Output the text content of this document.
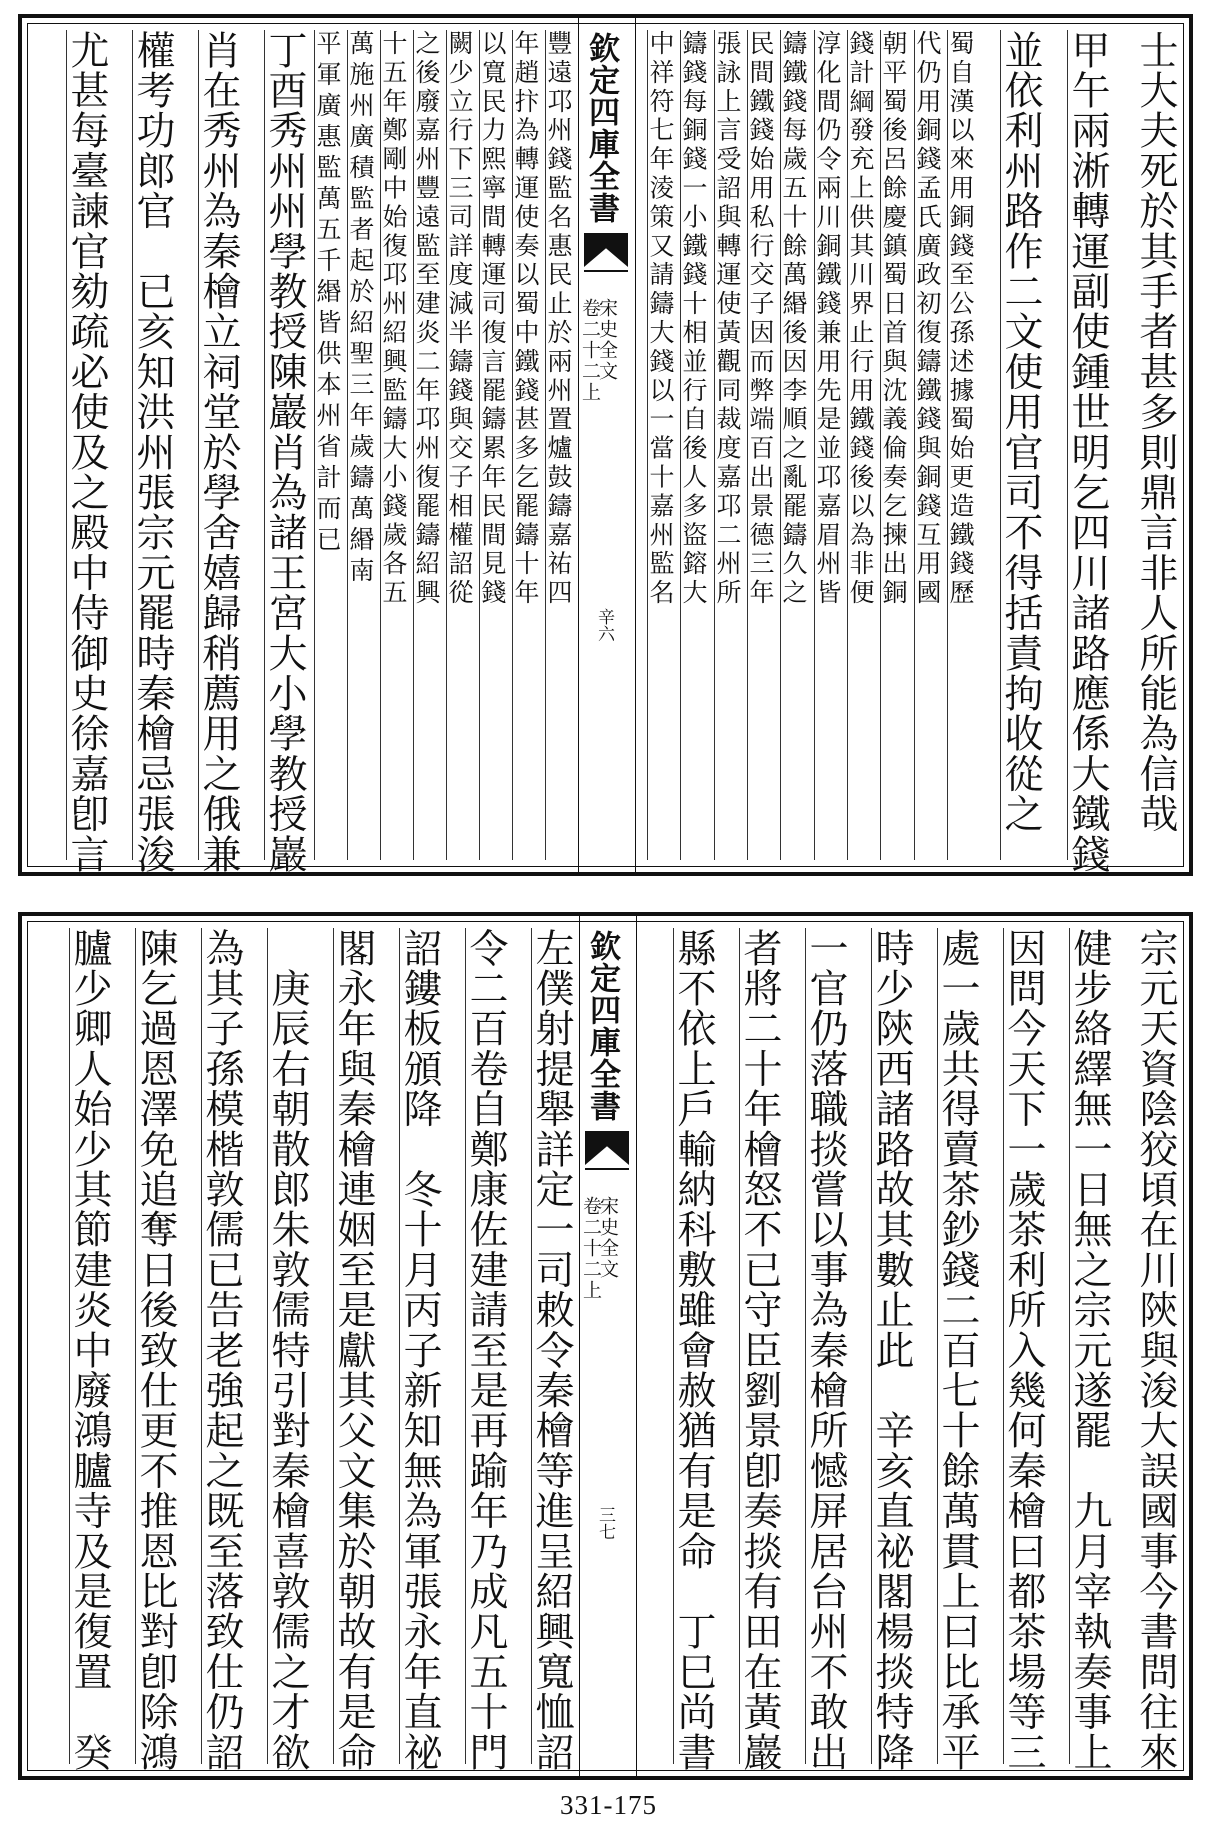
士大夫死於其手者甚多則鼎言非人所能為信哉
甲午兩淅轉運副使鍾世明乞四川諸路應係大鐵錢
並依利州路作二文使用官司不得括責拘收從之
蜀自漢以來用銅錢至公孫述據蜀始更造鐵錢歷
代仍用銅錢孟氏廣政初復鑄鐵錢與銅錢互用國
朝平蜀後呂餘慶鎮蜀日首與沈義倫奏乞揀出銅
錢計綱發充上供其川界止行用鐵錢後以為非便
淳化間仍令兩川銅鐵錢兼用先是並邛嘉眉州皆
鑄鐵錢每歲五十餘萬緡後因李順之亂罷鑄久之
民間鐵錢始用私行交子因而弊端百出景德三年
張詠上言受詔與轉運使黃觀同裁度嘉邛二州所
鑄錢每銅錢一小鐵錢十相並行自後人多盜鎔大
中祥符七年淩策又請鑄大錢以一當十嘉州監名
欽定四庫全書
宋史全文
卷二十二上
辛六
豐遠邛州錢監名惠民止於兩州置爐鼓鑄嘉祐四
年趙抃為轉運使奏以蜀中鐵錢甚多乞罷鑄十年
以寬民力熙寧間轉運司復言罷鑄累年民間見錢
闕少立行下三司詳度減半鑄錢與交子相權詔從
之後廢嘉州豐遠監至建炎二年邛州復罷鑄紹興
十五年鄭剛中始復邛州紹興監鑄大小錢歲各五
萬施州廣積監者起於紹聖三年歲鑄萬緡南
平軍廣惠監萬五千緡皆供本州省計而已
丁酉秀州州學教授陳巖肖為諸王宮大小學教授巖
肖在秀州為秦檜立祠堂於學舍嬉歸稍薦用之俄兼
權考功郎官　已亥知洪州張宗元罷時秦檜忌張浚
尤甚每臺諫官劾疏必使及之殿中侍御史徐嘉卽言
宗元天資陰狡頃在川陝與浚大誤國事今書問往來
健步絡繹無一日無之宗元遂罷　九月宰執奏事上
因問今天下一歲茶利所入幾何秦檜曰都茶場等三
處一歲共得賣茶鈔錢二百七十餘萬貫上曰比承平
時少陝西諸路故其數止此　辛亥直祕閣楊掞特降
一官仍落職掞嘗以事為秦檜所憾屏居台州不敢出
者將二十年檜怒不已守臣劉景卽奏掞有田在黃巖
縣不依上戶輸納科敷雖會赦猶有是命　丁巳尚書
欽定四庫全書
宋史全文
卷二十二上
三七
左僕射提舉詳定一司敕令秦檜等進呈紹興寬恤詔
令二百卷自鄭康佐建請至是再踰年乃成凡五十門
詔鏤板頒降　冬十月丙子新知無為軍張永年直祕
閣永年與秦檜連姻至是獻其父文集於朝故有是命
　庚辰右朝散郎朱敦儒特引對秦檜喜敦儒之才欲
為其子孫模楷敦儒已告老強起之既至落致仕仍詔
陳乞過恩澤免追奪日後致仕更不推恩比對卽除鴻
臚少卿人始少其節建炎中廢鴻臚寺及是復置　癸
331-175
